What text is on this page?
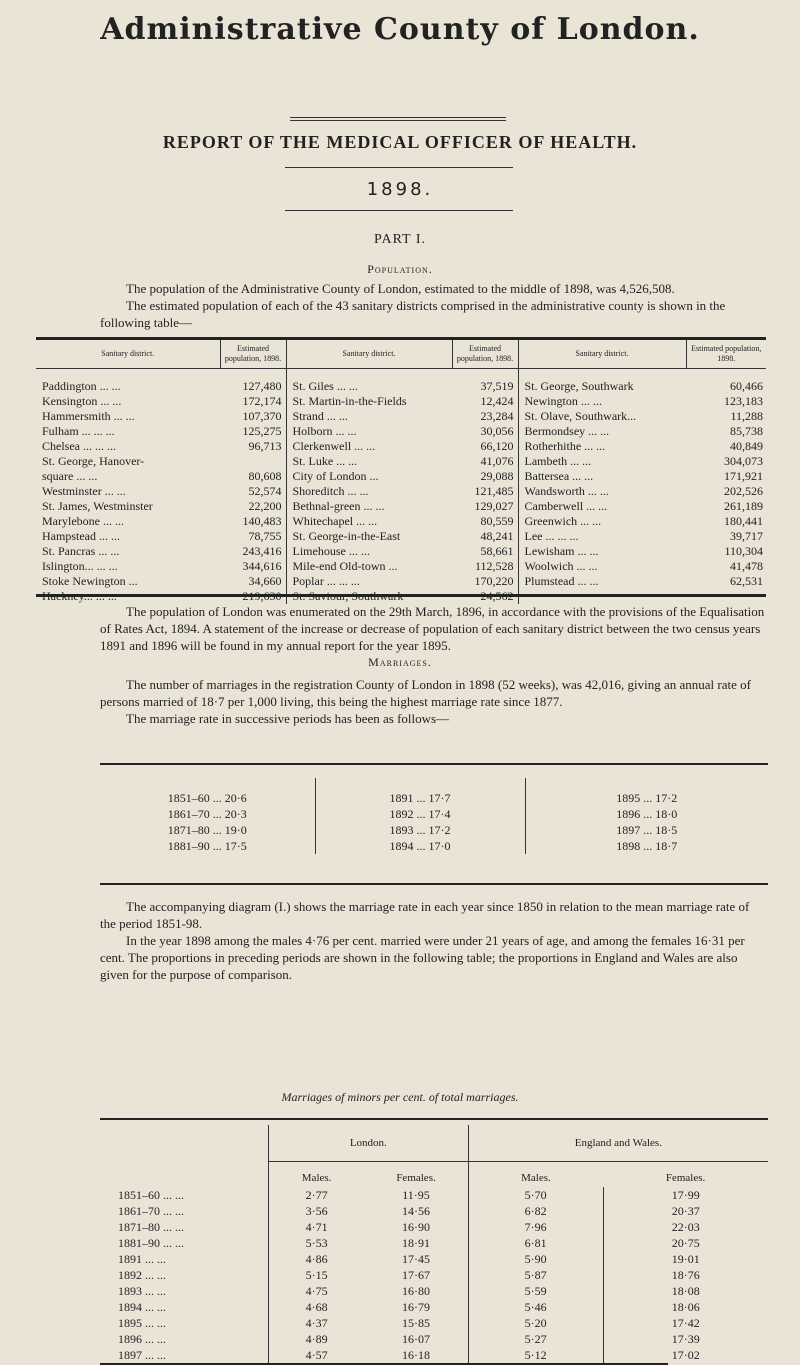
Administrative County of London.
REPORT OF THE MEDICAL OFFICER OF HEALTH.
1898.
PART I.
Population.
The population of the Administrative County of London, estimated to the middle of 1898, was 4,526,508.
The estimated population of each of the 43 sanitary districts comprised in the administrative county is shown in the following table—
Sanitary district.	Estimated population, 1898.	Sanitary district.	Estimated population, 1898.	Sanitary district.	Estimated population, 1898.
Paddington ... ...	127,480	St. Giles ... ...	37,519	St. George, Southwark	60,466
Kensington ... ...	172,174	St. Martin-in-the-Fields	12,424	Newington ... ...	123,183
Hammersmith ... ...	107,370	Strand ... ...	23,284	St. Olave, Southwark...	11,288
Fulham ... ... ...	125,275	Holborn ... ...	30,056	Bermondsey ... ...	85,738
Chelsea ... ... ...	96,713	Clerkenwell ... ...	66,120	Rotherhithe ... ...	40,849
St. George, Hanover-		St. Luke ... ...	41,076	Lambeth ... ...	304,073
square ... ...	80,608	City of London ...	29,088	Battersea ... ...	171,921
Westminster ... ...	52,574	Shoreditch ... ...	121,485	Wandsworth ... ...	202,526
St. James, Westminster	22,200	Bethnal-green ... ...	129,027	Camberwell ... ...	261,189
Marylebone ... ...	140,483	Whitechapel ... ...	80,559	Greenwich ... ...	180,441
Hampstead ... ...	78,755	St. George-in-the-East	48,241	Lee ... ... ...	39,717
St. Pancras ... ...	243,416	Limehouse ... ...	58,661	Lewisham ... ...	110,304
Islington... ... ...	344,616	Mile-end Old-town ...	112,528	Woolwich ... ...	41,478
Stoke Newington ...	34,660	Poplar ... ... ...	170,220	Plumstead ... ...	62,531
Hackney... ... ...	219,630	St. Saviour, Southwark	24,562		
The population of London was enumerated on the 29th March, 1896, in accordance with the provisions of the Equalisation of Rates Act, 1894. A statement of the increase or decrease of population of each sanitary district between the two census years 1891 and 1896 will be found in my annual report for the year 1895.
Marriages.
The number of marriages in the registration County of London in 1898 (52 weeks), was 42,016, giving an annual rate of persons married of 18·7 per 1,000 living, this being the highest marriage rate since 1877.
The marriage rate in successive periods has been as follows—
1851–60 ... 20·6	1891 ... 17·7	1895 ... 17·2
1861–70 ... 20·3	1892 ... 17·4	1896 ... 18·0
1871–80 ... 19·0	1893 ... 17·2	1897 ... 18·5
1881–90 ... 17·5	1894 ... 17·0	1898 ... 18·7
The accompanying diagram (I.) shows the marriage rate in each year since 1850 in relation to the mean marriage rate of the period 1851-98.
In the year 1898 among the males 4·76 per cent. married were under 21 years of age, and among the females 16·31 per cent. The proportions in preceding periods are shown in the following table; the proportions in England and Wales are also given for the purpose of comparison.
Marriages of minors per cent. of total marriages.
	London.		England and Wales.	
	Males.	Females.	Males.	Females.
1851–60 ... ...	2·77	11·95	5·70	17·99
1861–70 ... ...	3·56	14·56	6·82	20·37
1871–80 ... ...	4·71	16·90	7·96	22·03
1881–90 ... ...	5·53	18·91	6·81	20·75
1891 ... ...	4·86	17·45	5·90	19·01
1892 ... ...	5·15	17·67	5·87	18·76
1893 ... ...	4·75	16·80	5·59	18·08
1894 ... ...	4·68	16·79	5·46	18·06
1895 ... ...	4·37	15·85	5·20	17·42
1896 ... ...	4·89	16·07	5·27	17·39
1897 ... ...	4·57	16·18	5·12	17·02
